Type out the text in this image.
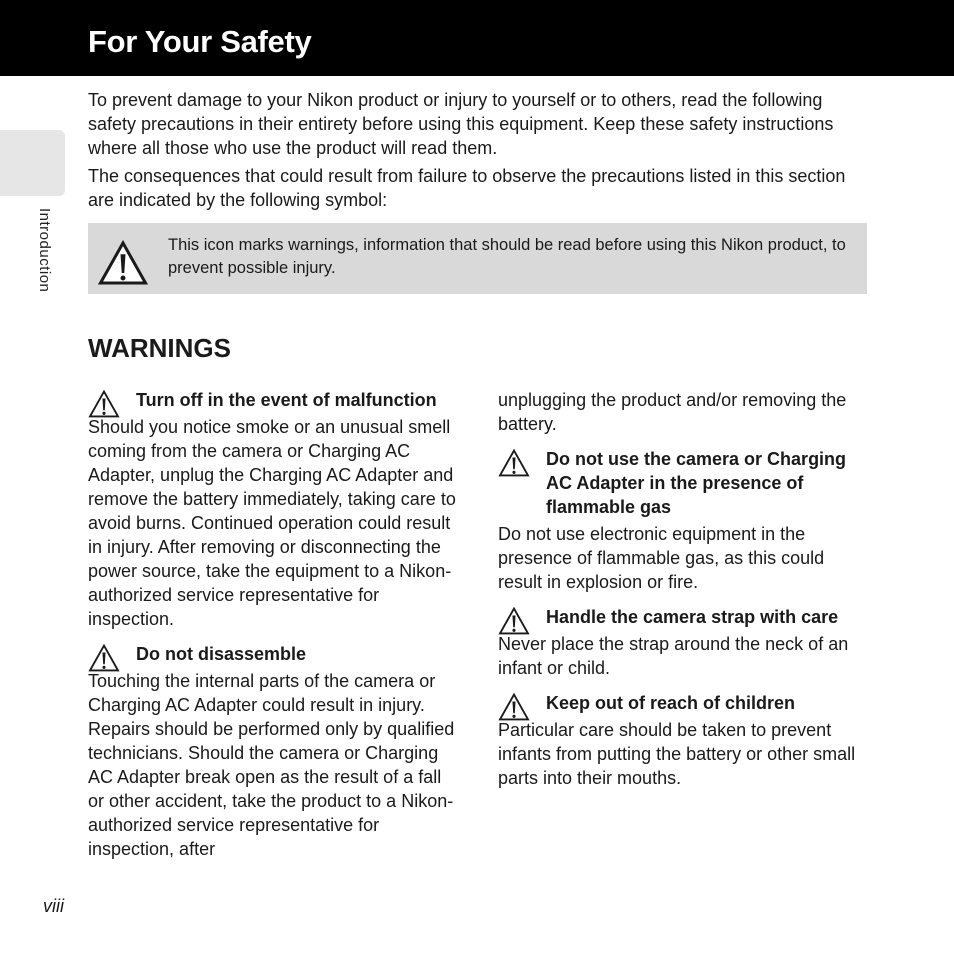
For Your Safety
Introduction

To prevent damage to your Nikon product or injury to yourself or to others, read the following safety precautions in their entirety before using this equipment. Keep these safety instructions where all those who use the product will read them.

The consequences that could result from failure to observe the precautions listed in this section are indicated by the following symbol:

This icon marks warnings, information that should be read before using this Nikon product, to prevent possible injury.
WARNINGS
Turn off in the event of malfunction

Should you notice smoke or an unusual smell coming from the camera or Charging AC Adapter, unplug the Charging AC Adapter and remove the battery immediately, taking care to avoid burns. Continued operation could result in injury. After removing or disconnecting the power source, take the equipment to a Nikon-authorized service representative for inspection.

Do not disassemble

Touching the internal parts of the camera or Charging AC Adapter could result in injury. Repairs should be performed only by qualified technicians. Should the camera or Charging AC Adapter break open as the result of a fall or other accident, take the product to a Nikon-authorized service representative for inspection, after

unplugging the product and/or removing the battery.

Do not use the camera or Charging AC Adapter in the presence of flammable gas

Do not use electronic equipment in the presence of flammable gas, as this could result in explosion or fire.

Handle the camera strap with care

Never place the strap around the neck of an infant or child.

Keep out of reach of children

Particular care should be taken to prevent infants from putting the battery or other small parts into their mouths.

viii
